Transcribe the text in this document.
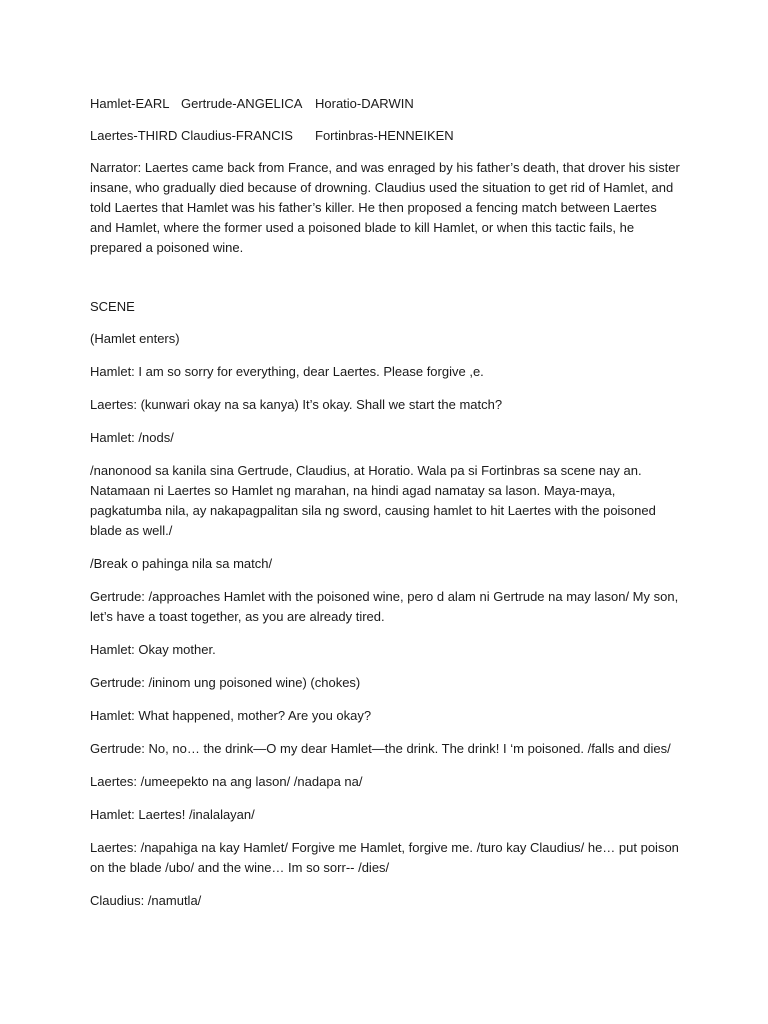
Hamlet-EARL Gertrude-ANGELICA Horatio-DARWIN
Laertes-THIRD Claudius-FRANCIS Fortinbras-HENNEIKEN

Narrator: Laertes came back from France, and was enraged by his father’s death, that drover his sister insane, who gradually died because of drowning. Claudius used the situation to get rid of Hamlet, and told Laertes that Hamlet was his father’s killer. He then proposed a fencing match between Laertes and Hamlet, where the former used a poisoned blade to kill Hamlet, or when this tactic fails, he prepared a poisoned wine.

SCENE

(Hamlet enters)

Hamlet: I am so sorry for everything, dear Laertes. Please forgive ,e.

Laertes: (kunwari okay na sa kanya) It’s okay. Shall we start the match?

Hamlet: /nods/

/nanonood sa kanila sina Gertrude, Claudius, at Horatio. Wala pa si Fortinbras sa scene nay an. Natamaan ni Laertes so Hamlet ng marahan, na hindi agad namatay sa lason. Maya-maya, pagkatumba nila, ay nakapagpalitan sila ng sword, causing hamlet to hit Laertes with the poisoned blade as well./

/Break o pahinga nila sa match/

Gertrude: /approaches Hamlet with the poisoned wine, pero d alam ni Gertrude na may lason/ My son, let’s have a toast together, as you are already tired.

Hamlet: Okay mother.

Gertrude: /ininom ung poisoned wine) (chokes)

Hamlet: What happened, mother? Are you okay?

Gertrude: No, no… the drink—O my dear Hamlet—the drink. The drink! I ‘m poisoned. /falls and dies/

Laertes: /umeepekto na ang lason/ /nadapa na/

Hamlet: Laertes! /inalalayan/

Laertes: /napahiga na kay Hamlet/ Forgive me Hamlet, forgive me. /turo kay Claudius/ he… put poison on the blade /ubo/ and the wine… Im so sorr-- /dies/

Claudius: /namutla/
